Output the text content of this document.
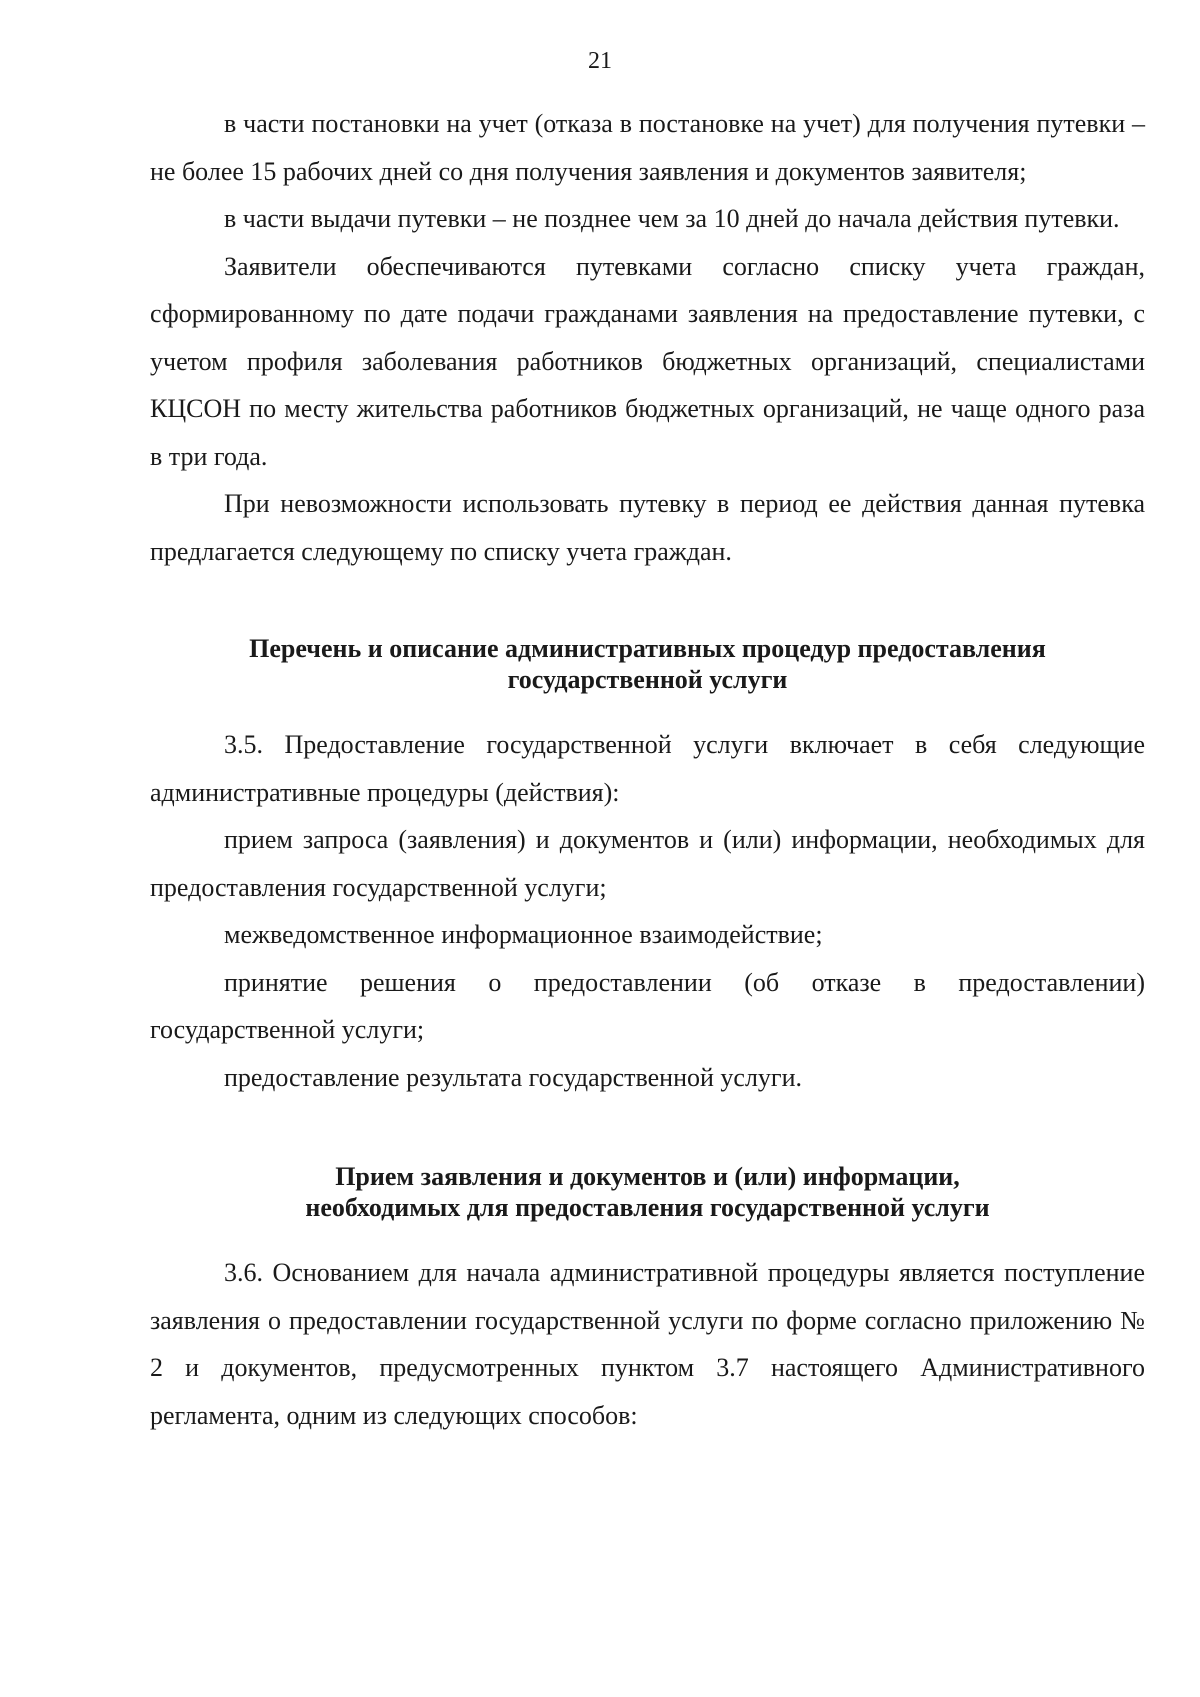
21

в части постановки на учет (отказа в постановке на учет) для получения путевки – не более 15 рабочих дней со дня получения заявления и документов заявителя;

в части выдачи путевки – не позднее чем за 10 дней до начала действия путевки.

Заявители обеспечиваются путевками согласно списку учета граждан, сформированному по дате подачи гражданами заявления на предоставление путевки, с учетом профиля заболевания работников бюджетных организаций, специалистами КЦСОН по месту жительства работников бюджетных организаций, не чаще одного раза в три года.

При невозможности использовать путевку в период ее действия данная путевка предлагается следующему по списку учета граждан.

Перечень и описание административных процедур предоставления государственной услуги

3.5. Предоставление государственной услуги включает в себя следующие административные процедуры (действия):

прием запроса (заявления) и документов и (или) информации, необходимых для предоставления государственной услуги;

межведомственное информационное взаимодействие;

принятие решения о предоставлении (об отказе в предоставлении) государственной услуги;

предоставление результата государственной услуги.

Прием заявления и документов и (или) информации, необходимых для предоставления государственной услуги

3.6. Основанием для начала административной процедуры является поступление заявления о предоставлении государственной услуги по форме согласно приложению № 2 и документов, предусмотренных пунктом 3.7 настоящего Административного регламента, одним из следующих способов:
